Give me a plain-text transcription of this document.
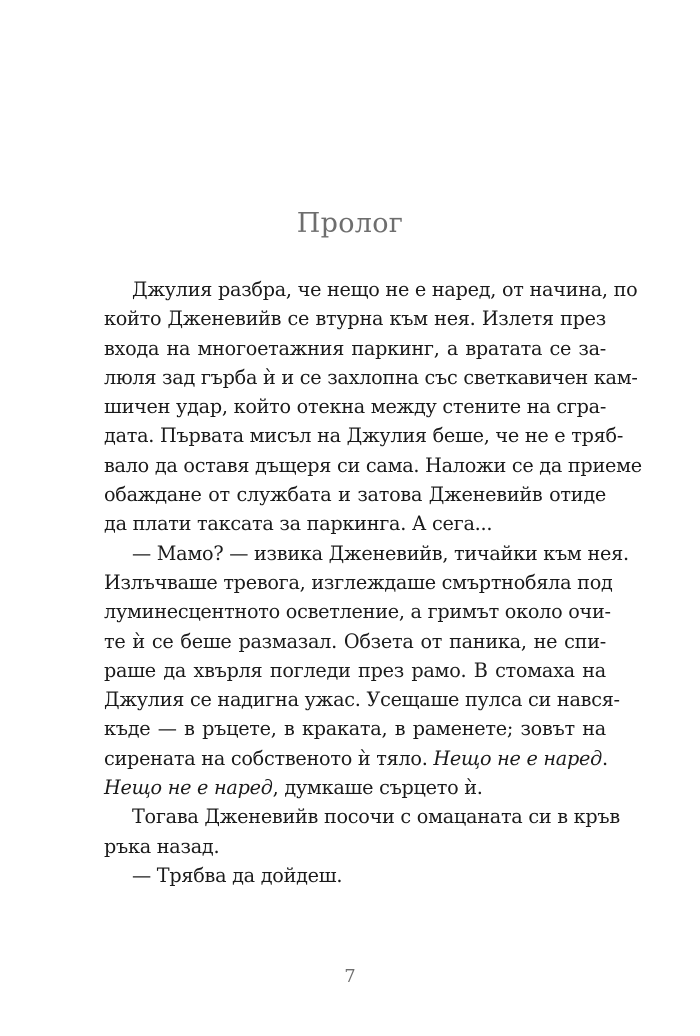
Пролог
Джулия разбра, че нещо не е наред, от начина, по
който Дженевийв се втурна към нея. Излетя през
входа на многоетажния паркинг, а вратата се за-
люля зад гърба ѝ и се захлопна със светкавичен кам-
шичен удар, който отекна между стените на сгра-
дата. Първата мисъл на Джулия беше, че не е тряб-
вало да оставя дъщеря си сама. Наложи се да приеме
обаждане от службата и затова Дженевийв отиде
да плати таксата за паркинга. А сега...
— Мамо? — извика Дженевийв, тичайки към нея.
Излъчваше тревога, изглеждаше смъртнобяла под
луминесцентното осветление, а гримът около очи-
те ѝ се беше размазал. Обзета от паника, не спи-
раше да хвърля погледи през рамо. В стомаха на
Джулия се надигна ужас. Усещаше пулса си нався-
къде — в ръцете, в краката, в раменете; зовът на
сирената на собственото ѝ тяло. Нещо не е наред.
Нещо не е наред, думкаше сърцето ѝ.
Тогава Дженевийв посочи с омацаната си в кръв
ръка назад.
— Трябва да дойдеш.
7
